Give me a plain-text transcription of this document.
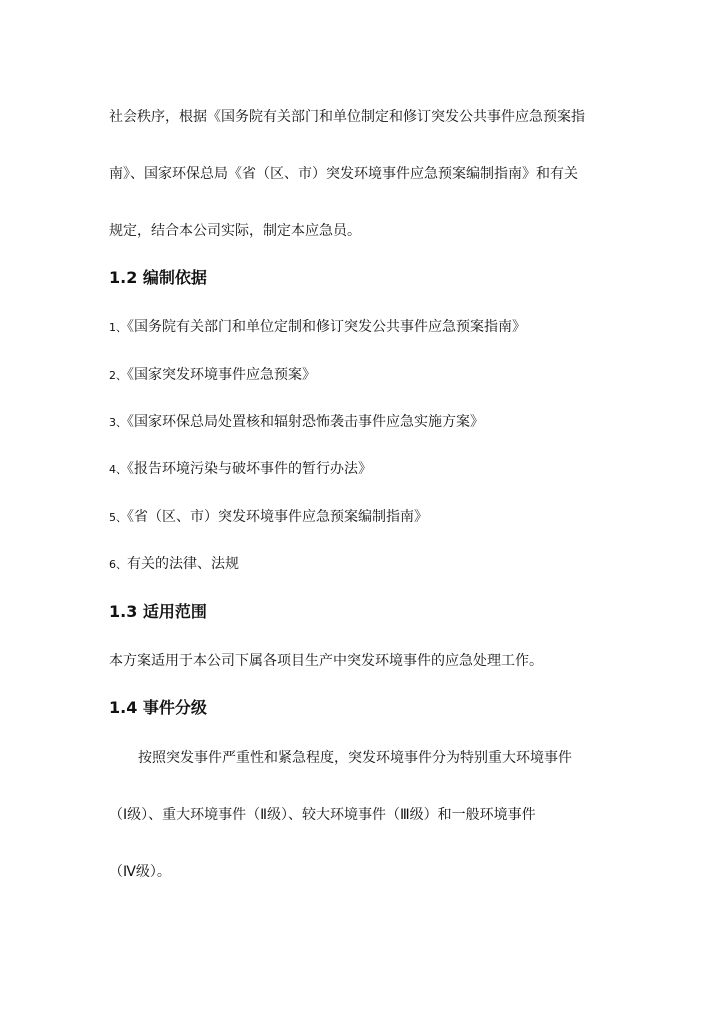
社会秩序，根据《国务院有关部门和单位制定和修订突发公共事件应急预案指
南》、国家环保总局《省（区、市）突发环境事件应急预案编制指南》和有关
规定，结合本公司实际，制定本应急员。
1.2 编制依据
1、《国务院有关部门和单位定制和修订突发公共事件应急预案指南》
2、《国家突发环境事件应急预案》
3、《国家环保总局处置核和辐射恐怖袭击事件应急实施方案》
4、《报告环境污染与破坏事件的暂行办法》
5、《省（区、市）突发环境事件应急预案编制指南》
6、有关的法律、法规
1.3 适用范围
本方案适用于本公司下属各项目生产中突发环境事件的应急处理工作。
1.4 事件分级
按照突发事件严重性和紧急程度，突发环境事件分为特别重大环境事件
（Ⅰ级）、重大环境事件（Ⅱ级）、较大环境事件（Ⅲ级）和一般环境事件
（Ⅳ级）。
